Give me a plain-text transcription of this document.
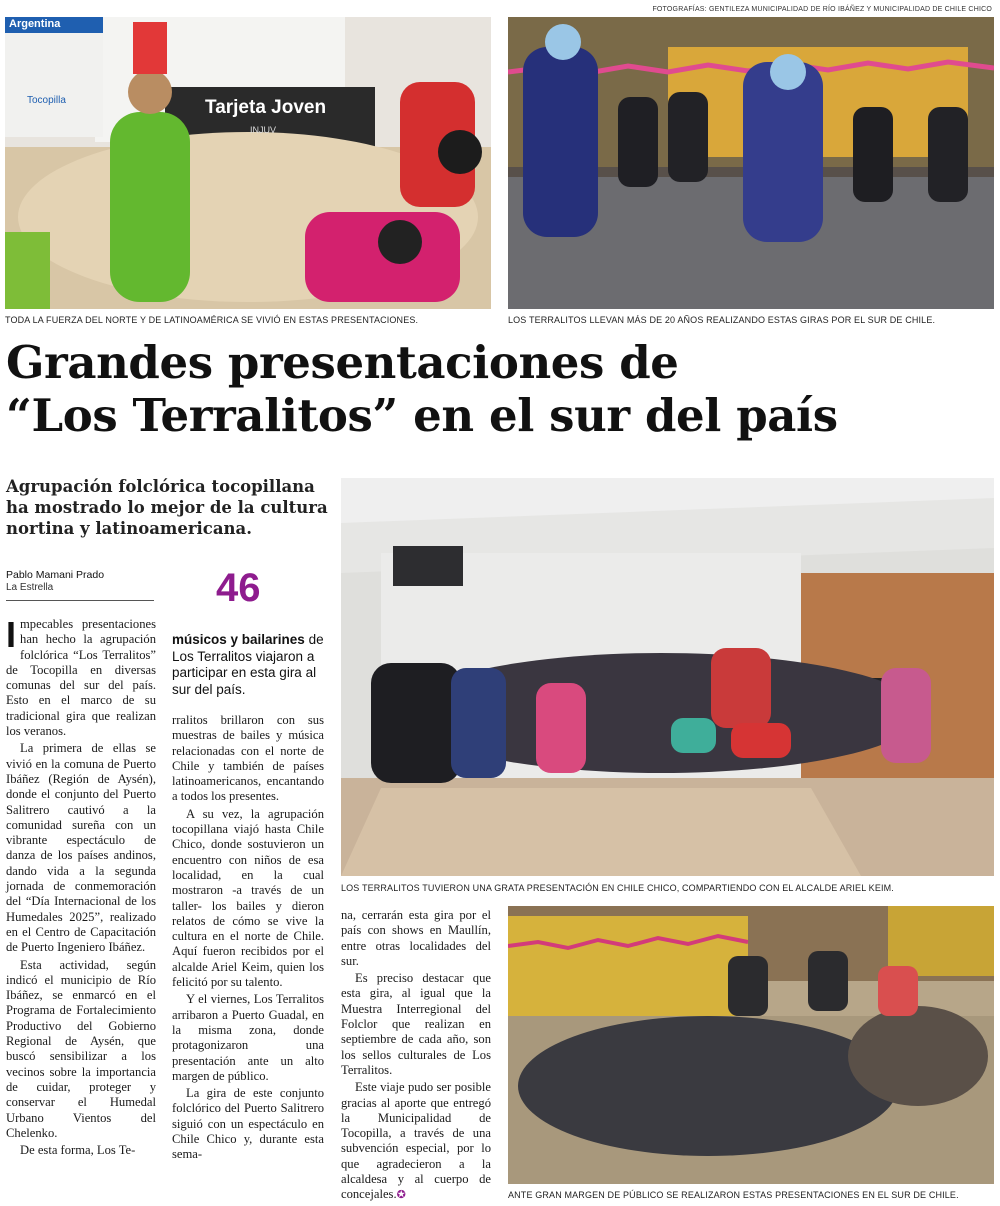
FOTOGRAFÍAS: GENTILEZA MUNICIPALIDAD DE RÍO IBÁÑEZ Y MUNICIPALIDAD DE CHILE CHICO
Argentina
Tocopilla	Tarjeta Joven
INJUV
TODA LA FUERZA DEL NORTE Y DE LATINOAMÉRICA SE VIVIÓ EN ESTAS PRESENTACIONES.	LOS TERRALITOS LLEVAN MÁS DE 20 AÑOS REALIZANDO ESTAS GIRAS POR EL SUR DE CHILE.
Grandes presentaciones de
“Los Terralitos” en el sur del país
Agrupación folclórica tocopillana ha mostrado lo mejor de la cultura nortina y latinoamericana.
Pablo Mamani Prado
La Estrella	46
músicos y bailarines de Los Terralitos viajaron a participar en esta gira al sur del país.
LOS TERRALITOS TUVIERON UNA GRATA PRESENTACIÓN EN CHILE CHICO, COMPARTIENDO CON EL ALCALDE ARIEL KEIM.
ANTE GRAN MARGEN DE PÚBLICO SE REALIZARON ESTAS PRESENTACIONES EN EL SUR DE CHILE.

Impecables presentaciones han hecho la agrupación folclórica “Los Terralitos” de Tocopilla en diversas comunas del sur del país. Esto en el marco de su tradicional gira que realizan los veranos.

La primera de ellas se vivió en la comuna de Puerto Ibáñez (Región de Aysén), donde el conjunto del Puerto Salitrero cautivó a la comunidad sureña con un vibrante espectáculo de danza de los países andinos, dando vida a la segunda jornada de conmemoración del “Día Internacional de los Humedales 2025”, realizado en el Centro de Capacitación de Puerto Ingeniero Ibáñez.

Esta actividad, según indicó el municipio de Río Ibáñez, se enmarcó en el Programa de Fortalecimiento Productivo del Gobierno Regional de Aysén, que buscó sensibilizar a los vecinos sobre la importancia de cuidar, proteger y conservar el Humedal Urbano Vientos del Chelenko.

De esta forma, Los Te-

rralitos brillaron con sus muestras de bailes y música relacionadas con el norte de Chile y también de países latinoamericanos, encantando a todos los presentes.

A su vez, la agrupación tocopillana viajó hasta Chile Chico, donde sostuvieron un encuentro con niños de esa localidad, en la cual mostraron -a través de un taller- los bailes y dieron relatos de cómo se vive la cultura en el norte de Chile. Aquí fueron recibidos por el alcalde Ariel Keim, quien los felicitó por su talento.

Y el viernes, Los Terralitos arribaron a Puerto Guadal, en la misma zona, donde protagonizaron una presentación ante un alto margen de público.

La gira de este conjunto folclórico del Puerto Salitrero siguió con un espectáculo en Chile Chico y, durante esta sema-

na, cerrarán esta gira por el país con shows en Maullín, entre otras localidades del sur.

Es preciso destacar que esta gira, al igual que la Muestra Interregional del Folclor que realizan en septiembre de cada año, son los sellos culturales de Los Terralitos.

Este viaje pudo ser posible gracias al aporte que entregó la Municipalidad de Tocopilla, a través de una subvención especial, por lo que agradecieron a la alcaldesa y al cuerpo de concejales.✪
